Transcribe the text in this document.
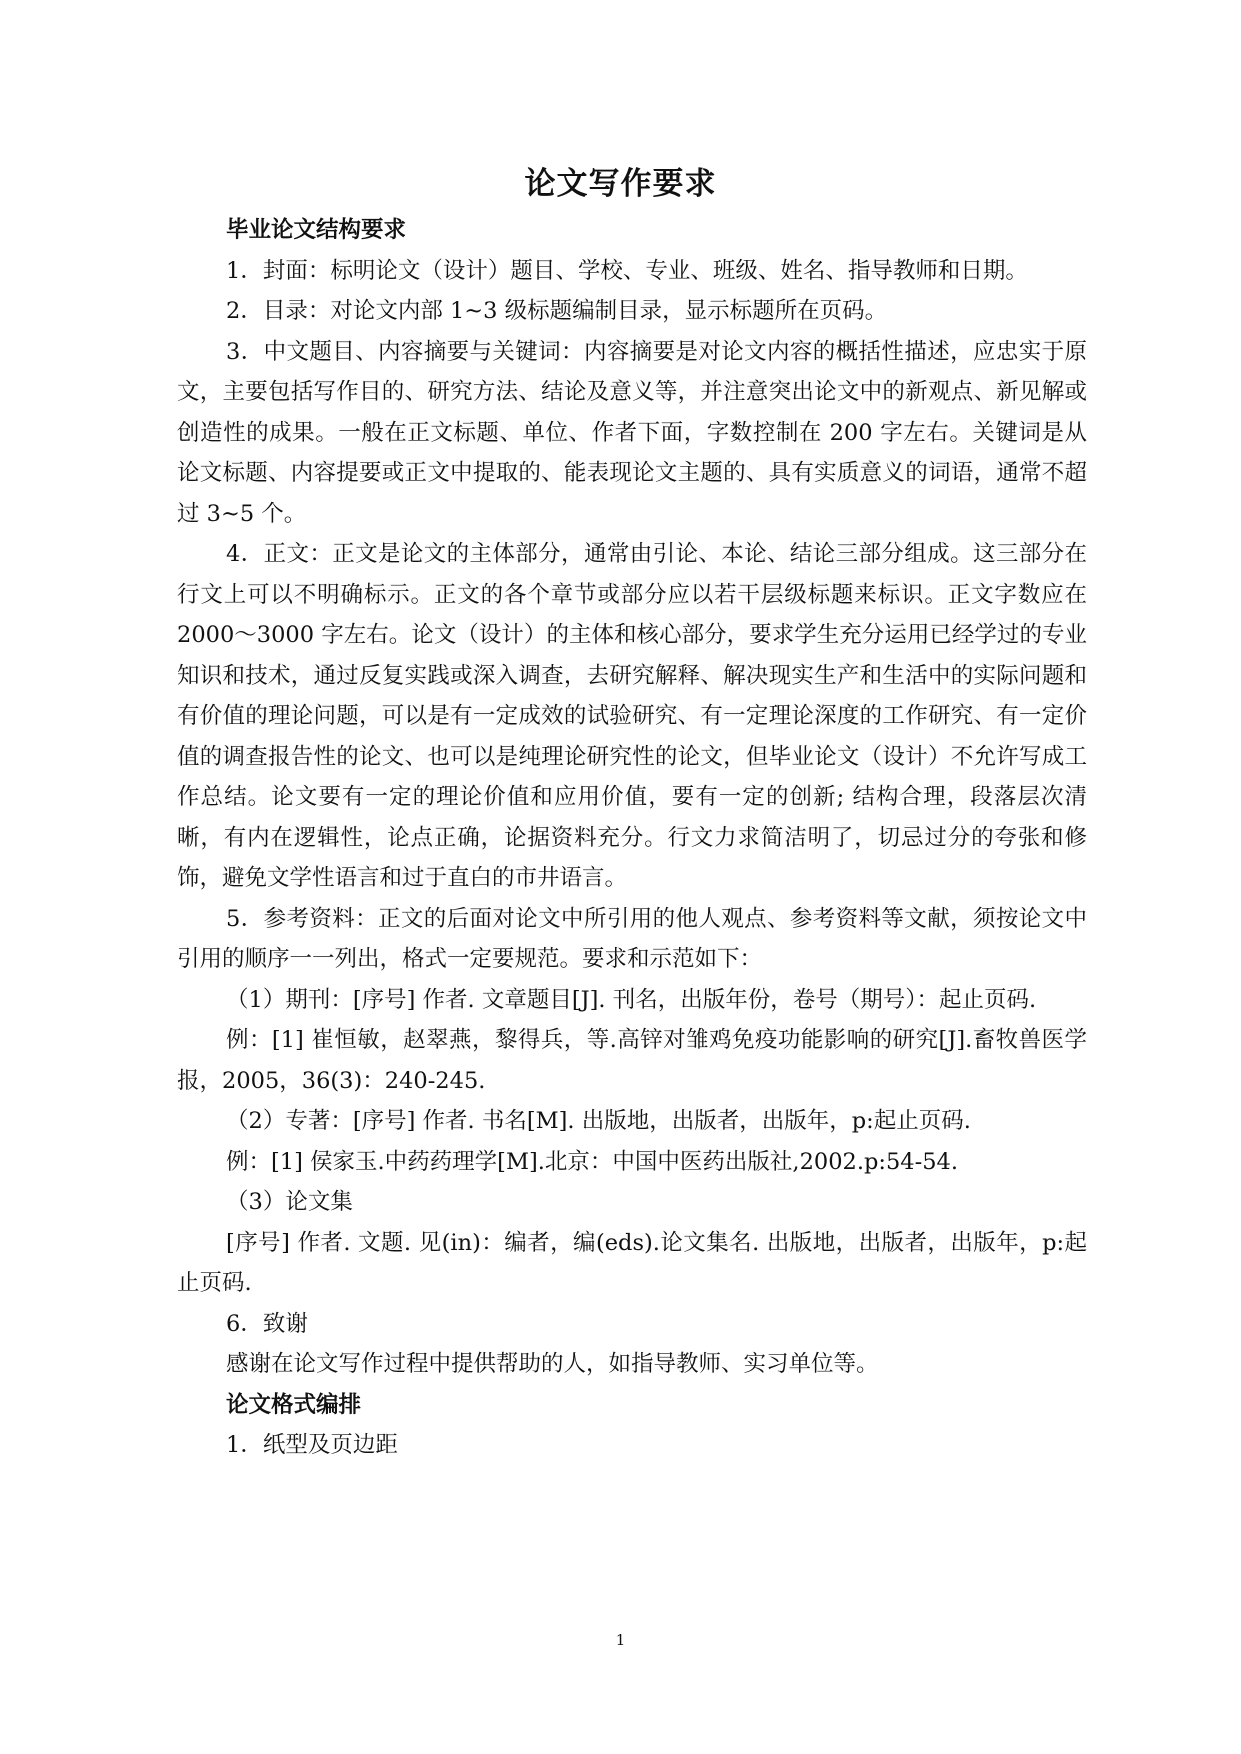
论文写作要求

毕业论文结构要求

1．封面：标明论文（设计）题目、学校、专业、班级、姓名、指导教师和日期。

2．目录：对论文内部 1~3 级标题编制目录，显示标题所在页码。

3．中文题目、内容摘要与关键词：内容摘要是对论文内容的概括性描述，应忠实于原文，主要包括写作目的、研究方法、结论及意义等，并注意突出论文中的新观点、新见解或创造性的成果。一般在正文标题、单位、作者下面，字数控制在 200 字左右。关键词是从论文标题、内容提要或正文中提取的、能表现论文主题的、具有实质意义的词语，通常不超过 3~5 个。

4．正文：正文是论文的主体部分，通常由引论、本论、结论三部分组成。这三部分在行文上可以不明确标示。正文的各个章节或部分应以若干层级标题来标识。正文字数应在 2000～3000 字左右。论文（设计）的主体和核心部分，要求学生充分运用已经学过的专业知识和技术，通过反复实践或深入调查，去研究解释、解决现实生产和生活中的实际问题和有价值的理论问题，可以是有一定成效的试验研究、有一定理论深度的工作研究、有一定价值的调查报告性的论文、也可以是纯理论研究性的论文，但毕业论文（设计）不允许写成工作总结。论文要有一定的理论价值和应用价值，要有一定的创新; 结构合理，段落层次清晰，有内在逻辑性，论点正确，论据资料充分。行文力求简洁明了，切忌过分的夸张和修饰，避免文学性语言和过于直白的市井语言。

5．参考资料：正文的后面对论文中所引用的他人观点、参考资料等文献，须按论文中引用的顺序一一列出，格式一定要规范。要求和示范如下：

（1）期刊：[序号] 作者. 文章题目[J]. 刊名，出版年份，卷号（期号）：起止页码.

例：[1] 崔恒敏，赵翠燕，黎得兵，等.高锌对雏鸡免疫功能影响的研究[J].畜牧兽医学报，2005，36(3)：240-245.

（2）专著：[序号] 作者. 书名[M]. 出版地，出版者，出版年，p:起止页码.

例：[1] 侯家玉.中药药理学[M].北京：中国中医药出版社,2002.p:54-54.

（3）论文集

[序号] 作者. 文题. 见(in)：编者，编(eds).论文集名. 出版地，出版者，出版年，p:起止页码.

6．致谢

感谢在论文写作过程中提供帮助的人，如指导教师、实习单位等。

论文格式编排

1．纸型及页边距

1
